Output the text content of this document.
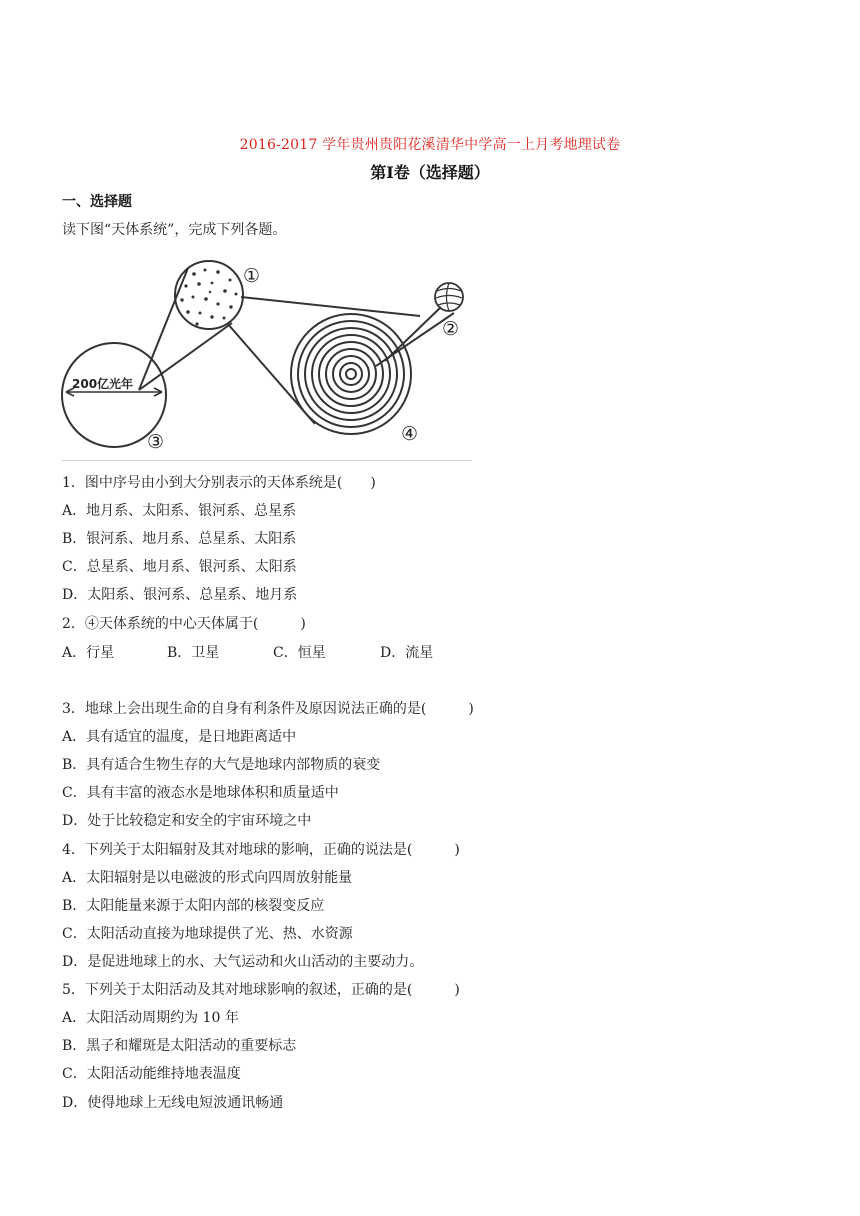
2016-2017 学年贵州贵阳花溪清华中学高一上月考地理试卷
第Ⅰ卷（选择题）
一、选择题
读下图“天体系统”，完成下列各题。
①
②
③	④
200亿光年
1．图中序号由小到大分别表示的天体系统是(　　)
A．地月系、太阳系、银河系、总星系
B．银河系、地月系、总星系、太阳系
C．总星系、地月系、银河系、太阳系
D．太阳系、银河系、总星系、地月系
2．④天体系统的中心天体属于(　　　)
A．行星	B．卫星	C．恒星	D．流星
3．地球上会出现生命的自身有利条件及原因说法正确的是(　　　)
A．具有适宜的温度，是日地距离适中
B．具有适合生物生存的大气是地球内部物质的衰变
C．具有丰富的液态水是地球体积和质量适中
D．处于比较稳定和安全的宇宙环境之中
4．下列关于太阳辐射及其对地球的影响，正确的说法是(　　　)
A．太阳辐射是以电磁波的形式向四周放射能量
B．太阳能量来源于太阳内部的核裂变反应
C．太阳活动直接为地球提供了光、热、水资源
D．是促进地球上的水、大气运动和火山活动的主要动力。
5．下列关于太阳活动及其对地球影响的叙述，正确的是(　　　)
A．太阳活动周期约为 10 年
B．黑子和耀斑是太阳活动的重要标志
C．太阳活动能维持地表温度
D．使得地球上无线电短波通讯畅通
